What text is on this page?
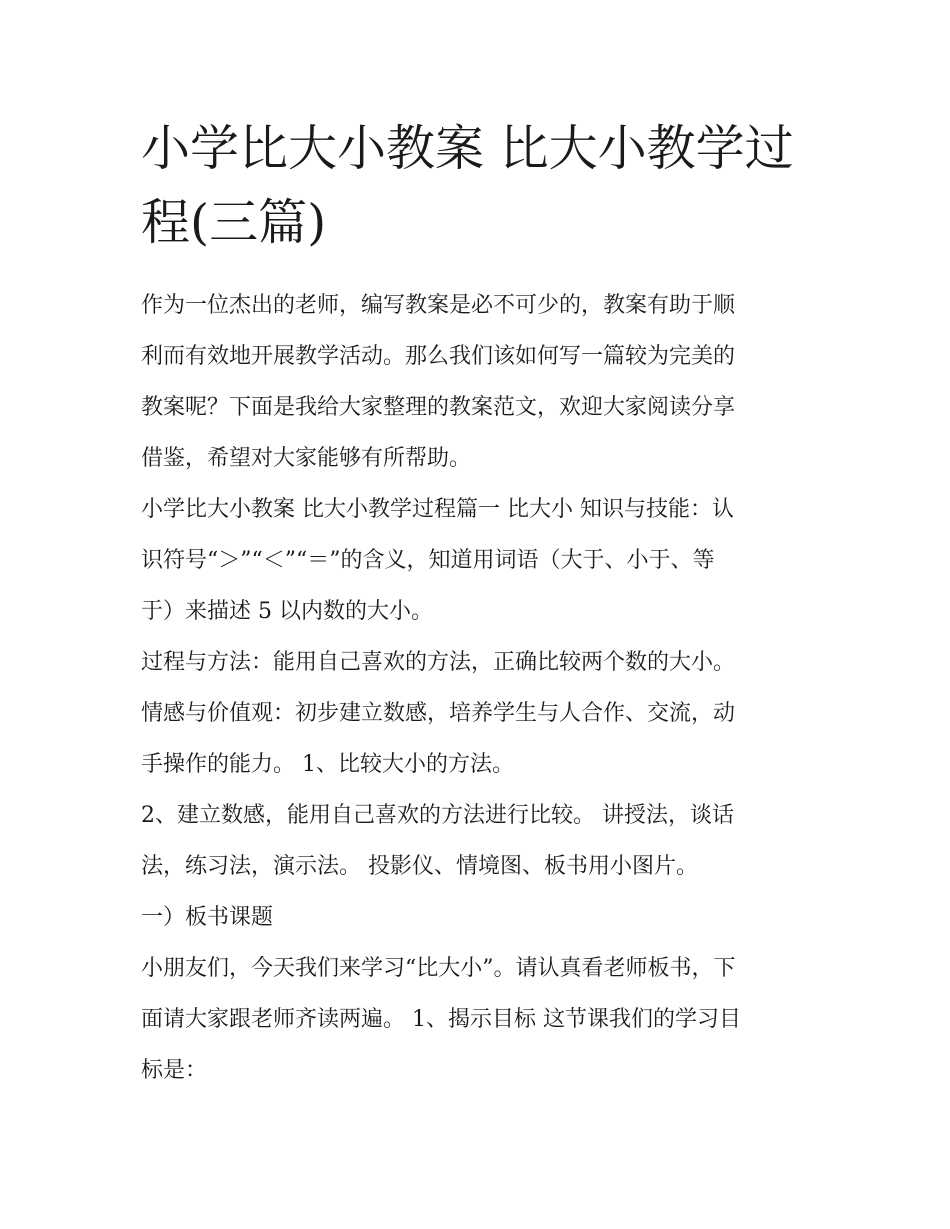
小学比大小教案 比大小教学过
程(三篇)

作为一位杰出的老师，编写教案是必不可少的，教案有助于顺

利而有效地开展教学活动。那么我们该如何写一篇较为完美的

教案呢？下面是我给大家整理的教案范文，欢迎大家阅读分享

借鉴，希望对大家能够有所帮助。

小学比大小教案 比大小教学过程篇一 比大小 知识与技能：认

识符号“＞”“＜”“＝”的含义，知道用词语（大于、小于、等

于）来描述 5 以内数的大小。

过程与方法：能用自己喜欢的方法，正确比较两个数的大小。

情感与价值观：初步建立数感，培养学生与人合作、交流，动

手操作的能力。 1、比较大小的方法。

2、建立数感，能用自己喜欢的方法进行比较。 讲授法，谈话

法，练习法，演示法。 投影仪、情境图、板书用小图片。

一）板书课题

小朋友们，今天我们来学习“比大小”。请认真看老师板书，下

面请大家跟老师齐读两遍。 1、揭示目标 这节课我们的学习目

标是：
